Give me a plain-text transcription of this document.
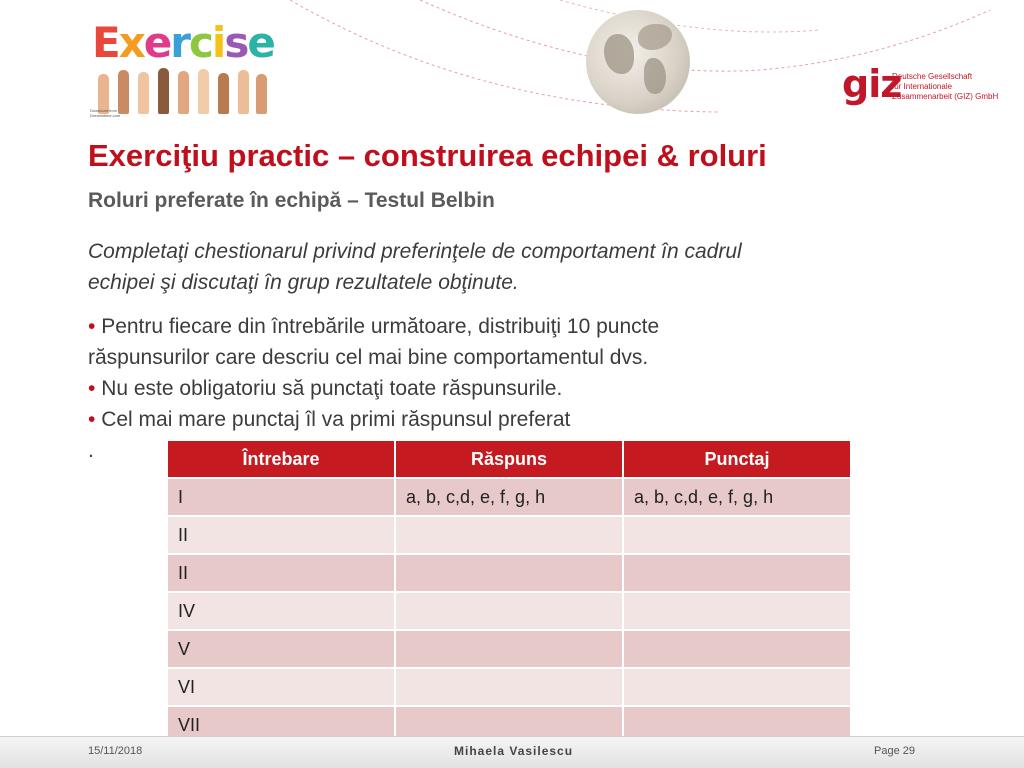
Exercise
Download from
Dreamstime.com
giz
Deutsche Gesellschaft
für Internationale
Zusammenarbeit (GIZ) GmbH
Exerciţiu practic – construirea echipei & roluri
Roluri preferate în echipă – Testul Belbin
Completaţi chestionarul privind preferinţele de comportament în cadrul
echipei şi discutaţi în grup rezultatele obţinute.
• Pentru fiecare din întrebările următoare, distribuiţi 10 puncte
răspunsurilor care descriu cel mai bine comportamentul dvs.
• Nu este obligatoriu să punctaţi toate răspunsurile.
• Cel mai mare punctaj îl va primi răspunsul preferat
.	Întrebare	Răspuns	Punctaj
I	a, b, c,d, e, f, g, h	a, b, c,d, e, f, g, h
II		
II		
IV		
V		
VI		
VII		
15/11/2018	Mihaela Vasilescu	Page 29
